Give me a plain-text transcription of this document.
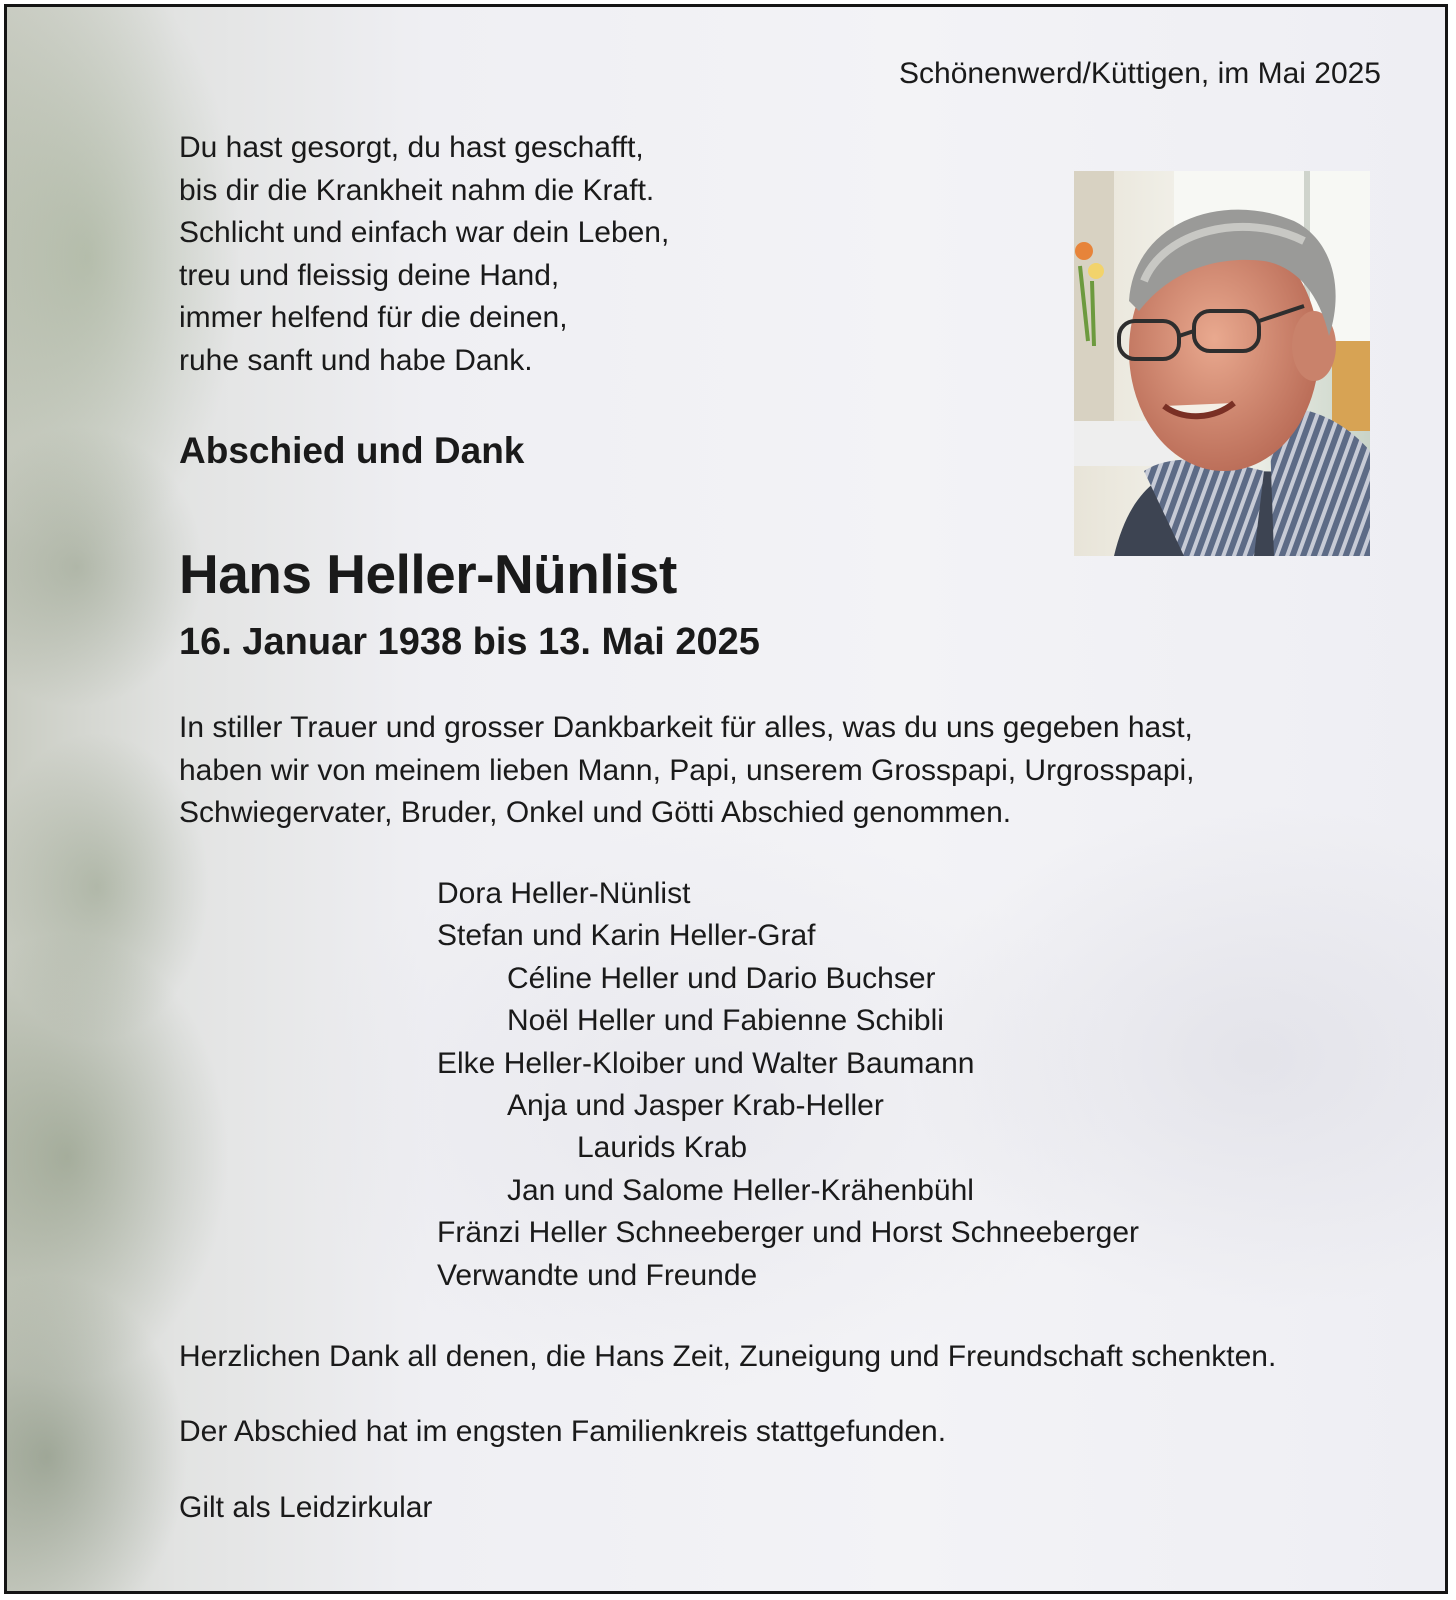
Schönenwerd/Küttigen, im Mai 2025

Du hast gesorgt, du hast geschafft,
bis dir die Krankheit nahm die Kraft.
Schlicht und einfach war dein Leben,
treu und fleissig deine Hand,
immer helfend für die deinen,
ruhe sanft und habe Dank.
Abschied und Dank
Hans Heller-Nünlist

16. Januar 1938 bis 13. Mai 2025

In stiller Trauer und grosser Dankbarkeit für alles, was du uns gegeben hast,
haben wir von meinem lieben Mann, Papi, unserem Grosspapi, Urgrosspapi,
Schwiegervater, Bruder, Onkel und Götti Abschied genommen.
Dora Heller-Nünlist
Stefan und Karin Heller-Graf
Céline Heller und Dario Buchser
Noël Heller und Fabienne Schibli
Elke Heller-Kloiber und Walter Baumann
Anja und Jasper Krab-Heller
Laurids Krab
Jan und Salome Heller-Krähenbühl
Fränzi Heller Schneeberger und Horst Schneeberger
Verwandte und Freunde

Herzlichen Dank all denen, die Hans Zeit, Zuneigung und Freundschaft schenkten.

Der Abschied hat im engsten Familienkreis stattgefunden.

Gilt als Leidzirkular
